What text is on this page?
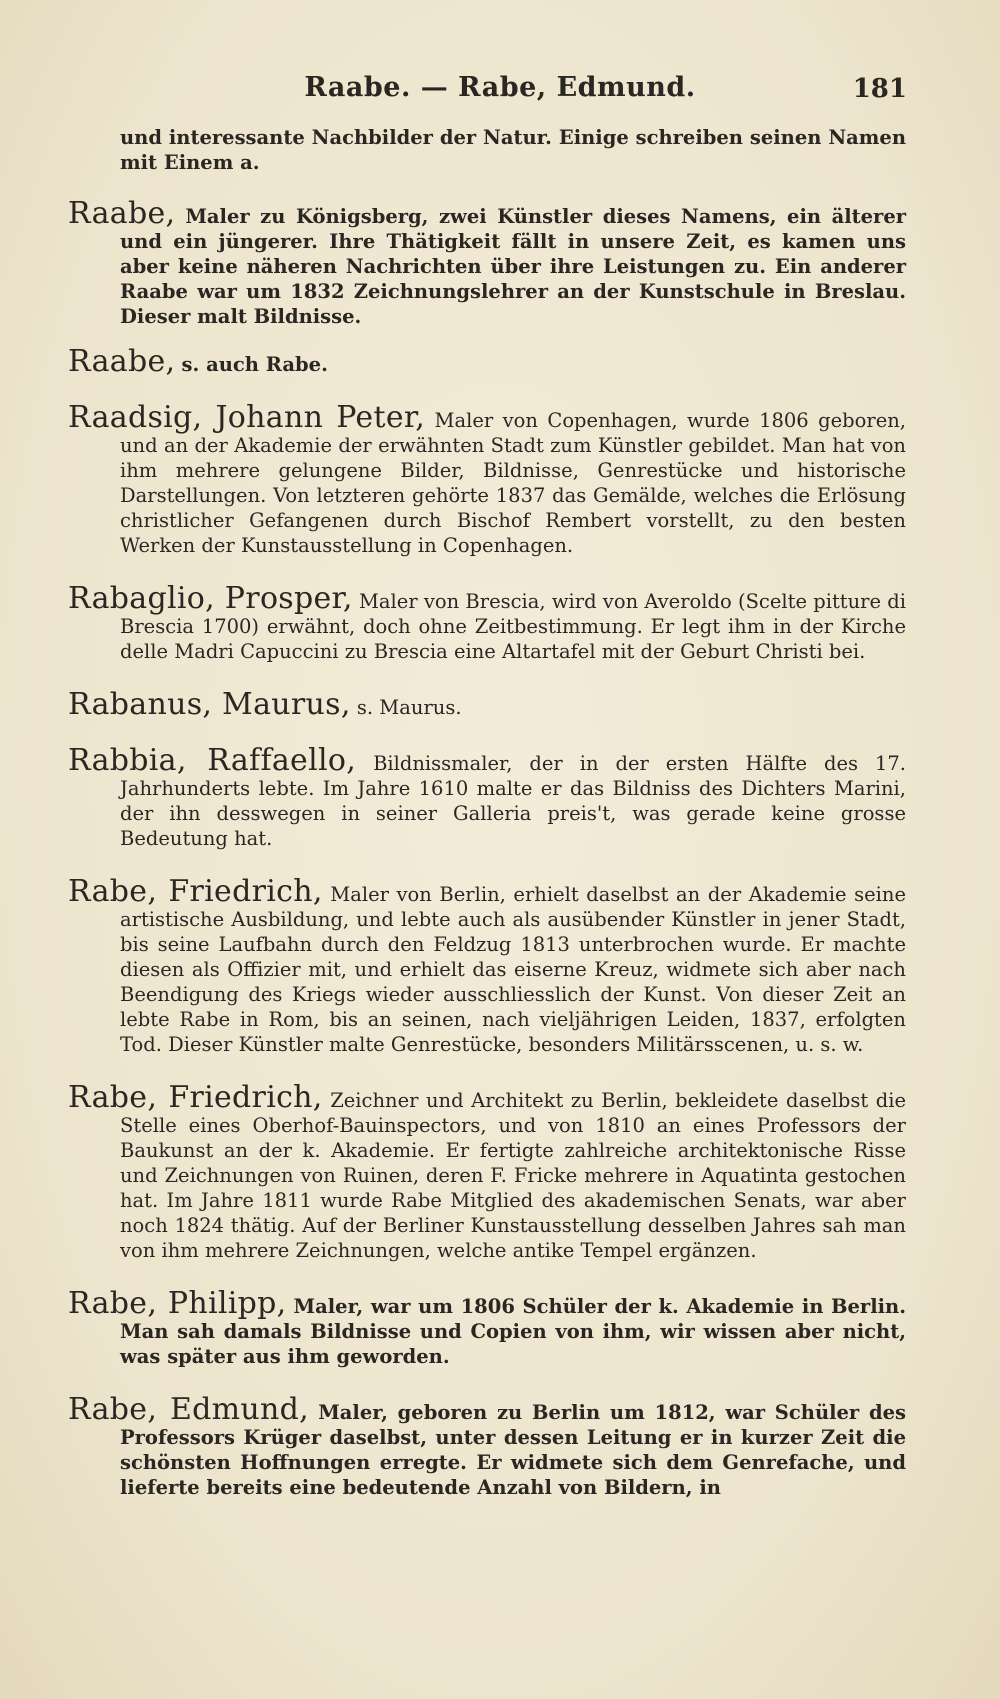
Raabe. — Rabe, Edmund.	181

und interessante Nachbilder der Natur. Einige schreiben seinen Namen mit Einem a.

Raabe, Maler zu Königsberg, zwei Künstler dieses Namens, ein älterer und ein jüngerer. Ihre Thätigkeit fällt in unsere Zeit, es kamen uns aber keine näheren Nachrichten über ihre Leistungen zu. Ein anderer Raabe war um 1832 Zeichnungslehrer an der Kunstschule in Breslau. Dieser malt Bildnisse.

Raabe, s. auch Rabe.

Raadsig, Johann Peter, Maler von Copenhagen, wurde 1806 geboren, und an der Akademie der erwähnten Stadt zum Künstler gebildet. Man hat von ihm mehrere gelungene Bilder, Bildnisse, Genrestücke und historische Darstellungen. Von letzteren gehörte 1837 das Gemälde, welches die Erlösung christlicher Gefangenen durch Bischof Rembert vorstellt, zu den besten Werken der Kunstausstellung in Copenhagen.

Rabaglio, Prosper, Maler von Brescia, wird von Averoldo (Scelte pitture di Brescia 1700) erwähnt, doch ohne Zeitbestimmung. Er legt ihm in der Kirche delle Madri Capuccini zu Brescia eine Altartafel mit der Geburt Christi bei.

Rabanus, Maurus, s. Maurus.

Rabbia, Raffaello, Bildnissmaler, der in der ersten Hälfte des 17. Jahrhunderts lebte. Im Jahre 1610 malte er das Bildniss des Dichters Marini, der ihn desswegen in seiner Galleria preis't, was gerade keine grosse Bedeutung hat.

Rabe, Friedrich, Maler von Berlin, erhielt daselbst an der Akademie seine artistische Ausbildung, und lebte auch als ausübender Künstler in jener Stadt, bis seine Laufbahn durch den Feldzug 1813 unterbrochen wurde. Er machte diesen als Offizier mit, und erhielt das eiserne Kreuz, widmete sich aber nach Beendigung des Kriegs wieder ausschliesslich der Kunst. Von dieser Zeit an lebte Rabe in Rom, bis an seinen, nach vieljährigen Leiden, 1837, erfolgten Tod. Dieser Künstler malte Genrestücke, besonders Militärsscenen, u. s. w.

Rabe, Friedrich, Zeichner und Architekt zu Berlin, bekleidete daselbst die Stelle eines Oberhof-Bauinspectors, und von 1810 an eines Professors der Baukunst an der k. Akademie. Er fertigte zahlreiche architektonische Risse und Zeichnungen von Ruinen, deren F. Fricke mehrere in Aquatinta gestochen hat. Im Jahre 1811 wurde Rabe Mitglied des akademischen Senats, war aber noch 1824 thätig. Auf der Berliner Kunstausstellung desselben Jahres sah man von ihm mehrere Zeichnungen, welche antike Tempel ergänzen.

Rabe, Philipp, Maler, war um 1806 Schüler der k. Akademie in Berlin. Man sah damals Bildnisse und Copien von ihm, wir wissen aber nicht, was später aus ihm geworden.

Rabe, Edmund, Maler, geboren zu Berlin um 1812, war Schüler des Professors Krüger daselbst, unter dessen Leitung er in kurzer Zeit die schönsten Hoffnungen erregte. Er widmete sich dem Genrefache, und lieferte bereits eine bedeutende Anzahl von Bildern, in
